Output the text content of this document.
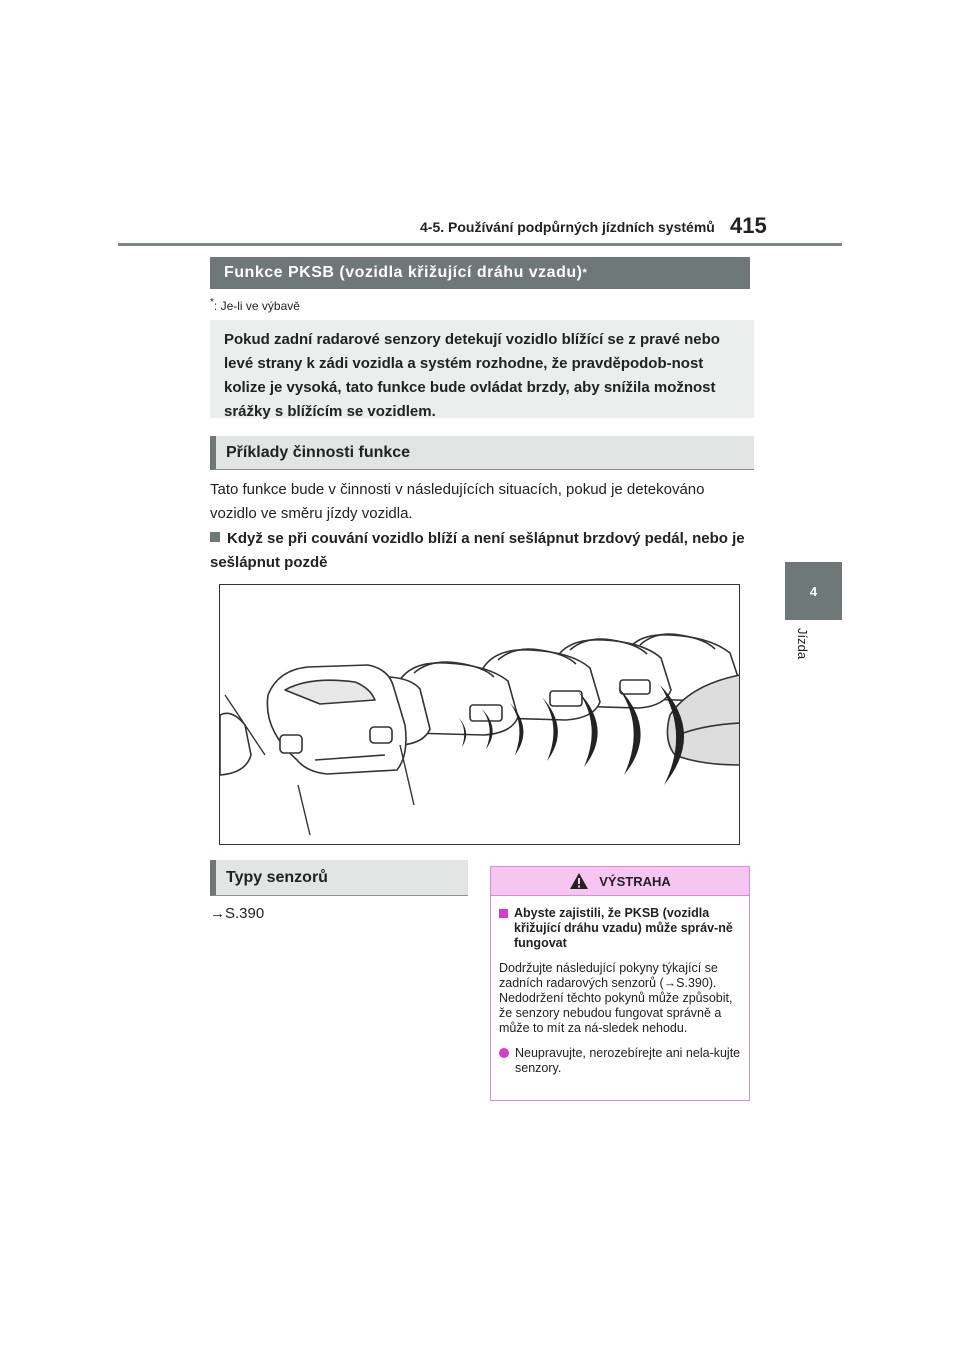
4-5. Používání podpůrných jízdních systémů 415
4
Jízda
Funkce PKSB (vozidla křižující dráhu vzadu) *
*: Je-li ve výbavě
Pokud zadní radarové senzory detekují vozidlo blížící se z pravé nebo levé strany k zádi vozidla a systém rozhodne, že pravděpodob-nost kolize je vysoká, tato funkce bude ovládat brzdy, aby snížila možnost srážky s blížícím se vozidlem.
Příklady činnosti funkce
Tato funkce bude v činnosti v následujících situacích, pokud je detekováno vozidlo ve směru jízdy vozidla.
Když se při couvání vozidlo blíží a není sešlápnut brzdový pedál, nebo je sešlápnut pozdě
Typy senzorů
→S.390
VÝSTRAHA
Abyste zajistili, že PKSB (vozidla křižující dráhu vzadu) může správ-ně fungovat
Dodržujte následující pokyny týkající se zadních radarových senzorů (→S.390). Nedodržení těchto pokynů může způsobit, že senzory nebudou fungovat správně a může to mít za ná-sledek nehodu.
Neupravujte, nerozebírejte ani nela-kujte senzory.
